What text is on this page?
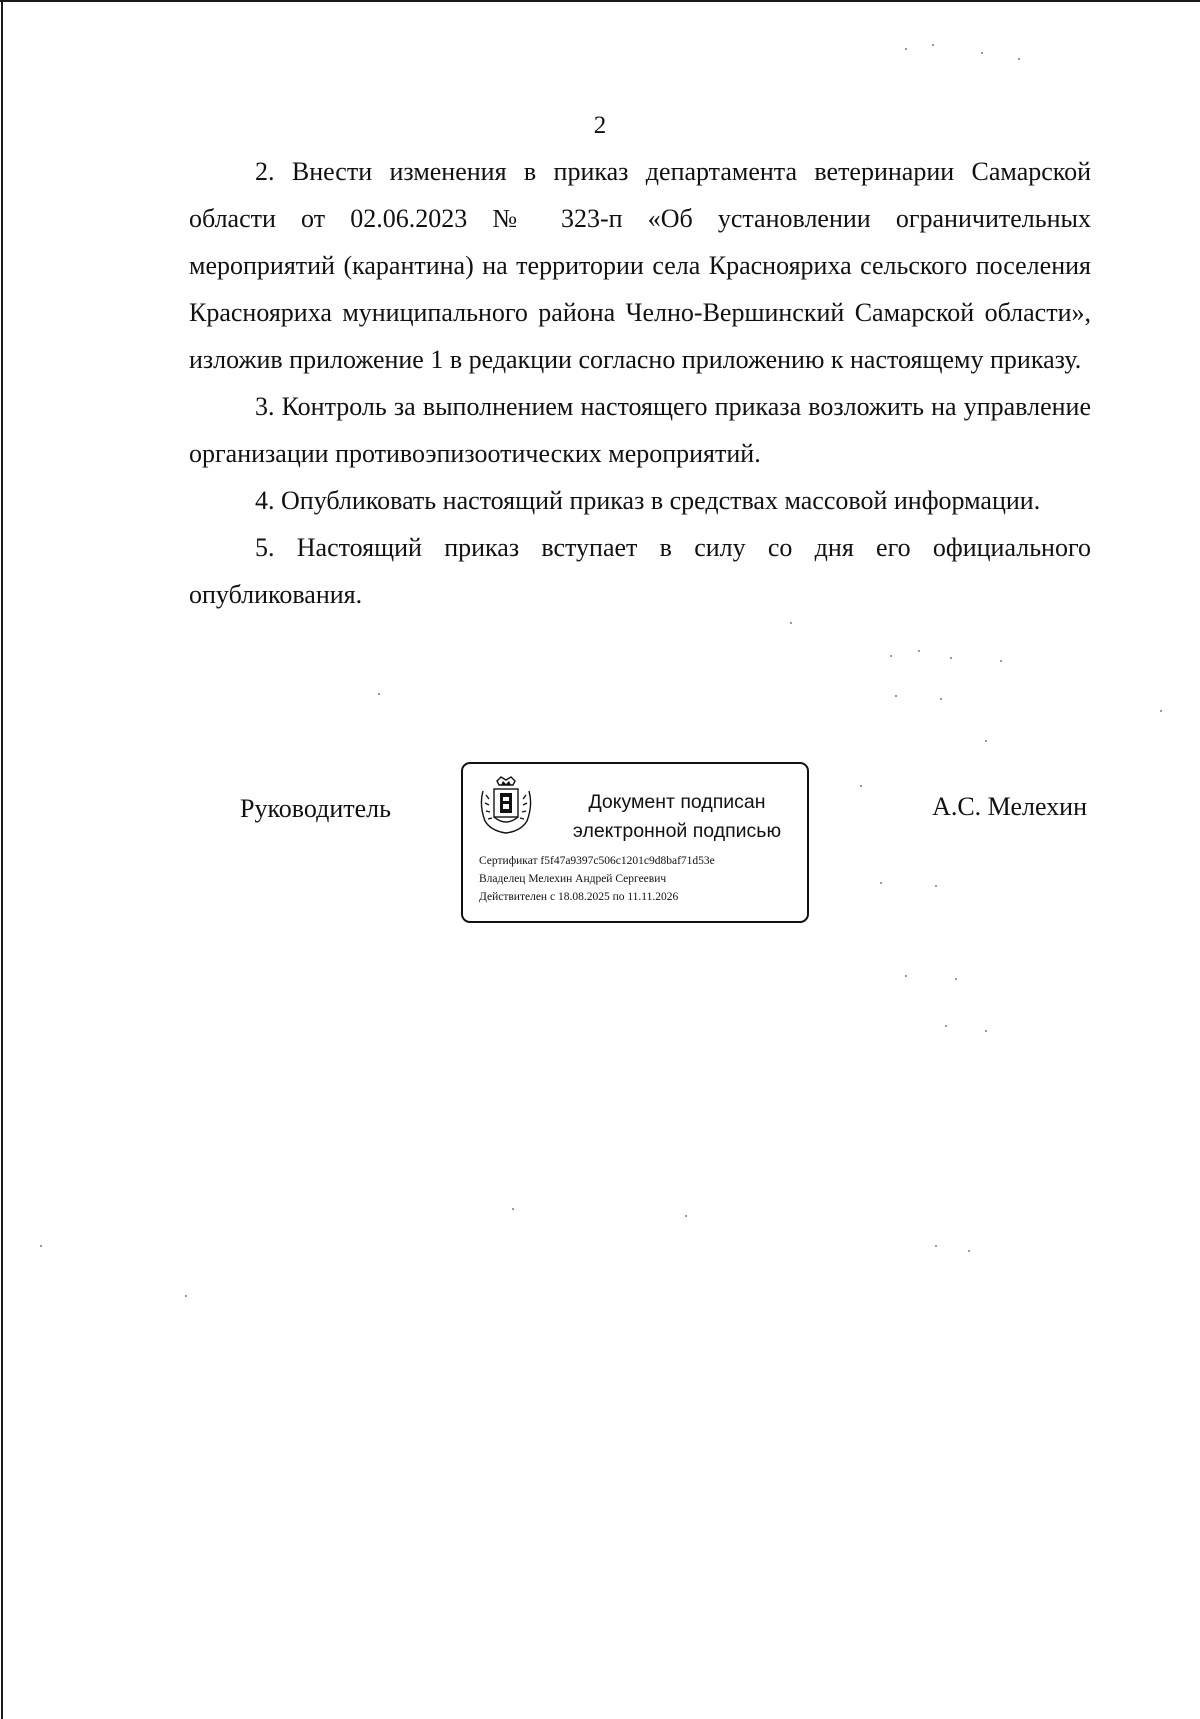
2

2. Внести изменения в приказ департамента ветеринарии Самарской области от 02.06.2023 № 323-п «Об установлении ограничительных мероприятий (карантина) на территории села Краснояриха сельского поселения Краснояриха муниципального района Челно-Вершинский Самарской области», изложив приложение 1 в редакции согласно приложению к настоящему приказу.

3. Контроль за выполнением настоящего приказа возложить на управление организации противоэпизоотических мероприятий.

4. Опубликовать настоящий приказ в средствах массовой информации.

5. Настоящий приказ вступает в силу со дня его официального опубликования.

Руководитель	Документ подписан
электронной подписью
Сертификат f5f47a9397c506c1201c9d8baf71d53e
Владелец Мелехин Андрей Сергеевич
Действителен с 18.08.2025 по 11.11.2026
А.С. Мелехин
